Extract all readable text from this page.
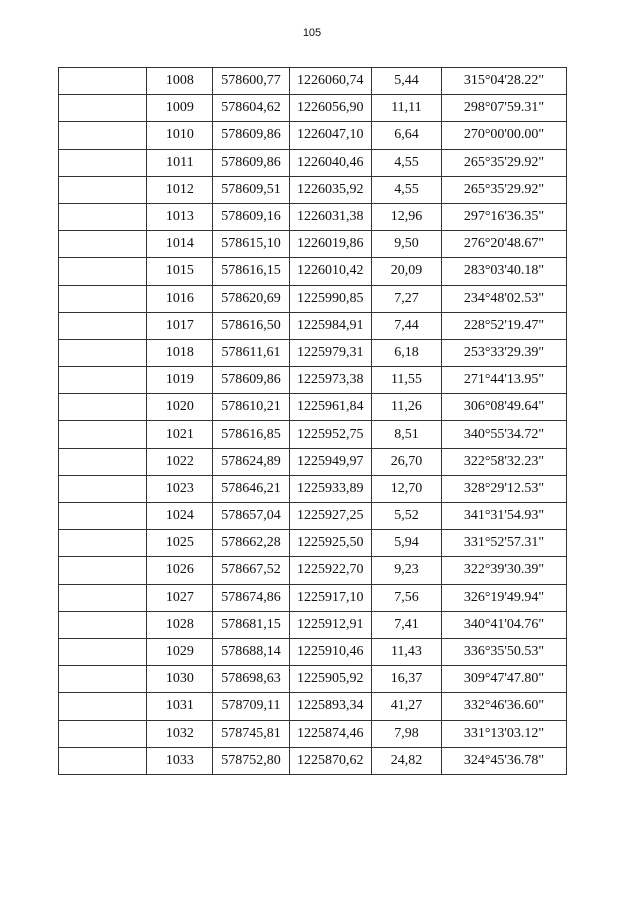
105
	1008	578600,77	1226060,74	5,44	315°04'28.22"
	1009	578604,62	1226056,90	11,11	298°07'59.31"
	1010	578609,86	1226047,10	6,64	270°00'00.00"
	1011	578609,86	1226040,46	4,55	265°35'29.92"
	1012	578609,51	1226035,92	4,55	265°35'29.92"
	1013	578609,16	1226031,38	12,96	297°16'36.35"
	1014	578615,10	1226019,86	9,50	276°20'48.67"
	1015	578616,15	1226010,42	20,09	283°03'40.18"
	1016	578620,69	1225990,85	7,27	234°48'02.53"
	1017	578616,50	1225984,91	7,44	228°52'19.47"
	1018	578611,61	1225979,31	6,18	253°33'29.39"
	1019	578609,86	1225973,38	11,55	271°44'13.95"
	1020	578610,21	1225961,84	11,26	306°08'49.64"
	1021	578616,85	1225952,75	8,51	340°55'34.72"
	1022	578624,89	1225949,97	26,70	322°58'32.23"
	1023	578646,21	1225933,89	12,70	328°29'12.53"
	1024	578657,04	1225927,25	5,52	341°31'54.93"
	1025	578662,28	1225925,50	5,94	331°52'57.31"
	1026	578667,52	1225922,70	9,23	322°39'30.39"
	1027	578674,86	1225917,10	7,56	326°19'49.94"
	1028	578681,15	1225912,91	7,41	340°41'04.76"
	1029	578688,14	1225910,46	11,43	336°35'50.53"
	1030	578698,63	1225905,92	16,37	309°47'47.80"
	1031	578709,11	1225893,34	41,27	332°46'36.60"
	1032	578745,81	1225874,46	7,98	331°13'03.12"
	1033	578752,80	1225870,62	24,82	324°45'36.78"
